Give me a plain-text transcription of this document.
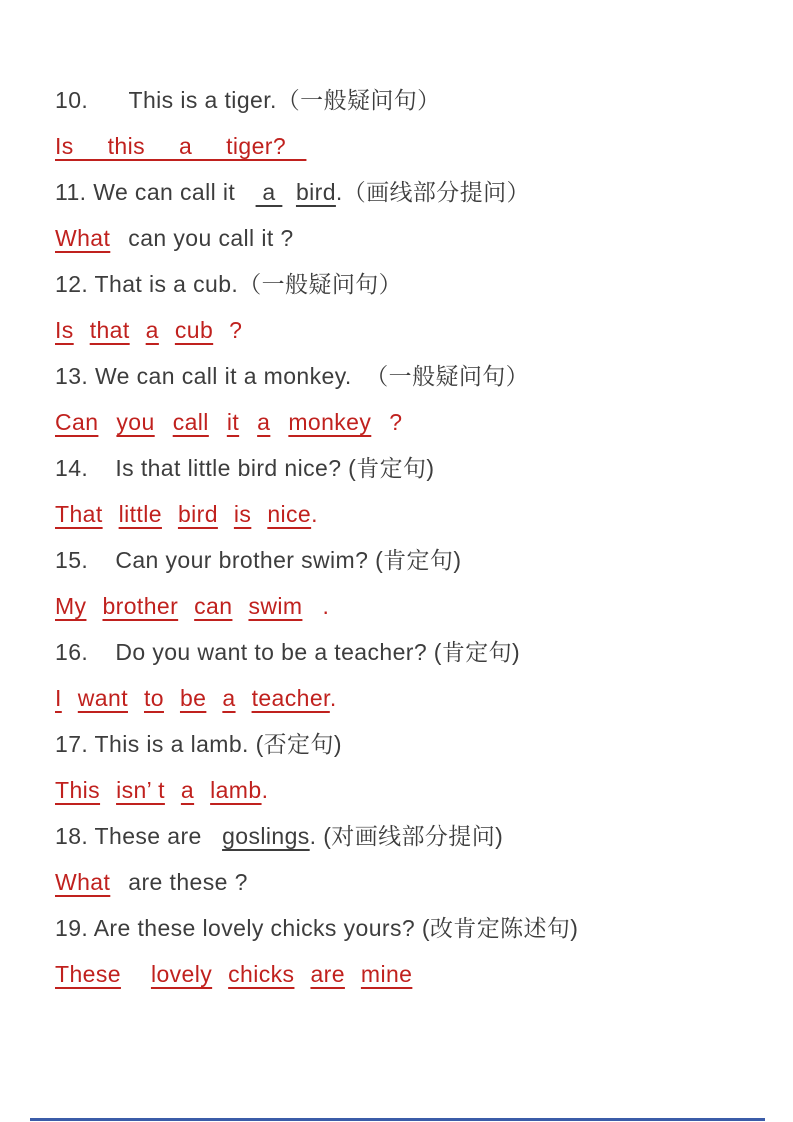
10.      This is a tiger.（一般疑问句）
Is     this     a     tiger?
11. We can call it    a   bird.（画线部分提问）
What can you call it ?
12. That is a cub.（一般疑问句）
Is that a cub ?
13. We can call it a monkey.  （一般疑问句）
Can you call it a monkey ?
14.    Is that little bird nice? (肯定句)
That little bird is nice.
15.    Can your brother swim? (肯定句)
My brother can swim .
16.    Do you want to be a teacher? (肯定句)
I want to be a teacher.
17. This is a lamb. (否定句)
This isn’ t a lamb.
18. These are   goslings. (对画线部分提问)
What are these ?
19. Are these lovely chicks yours? (改肯定陈述句)
These lovely chicks are mine
